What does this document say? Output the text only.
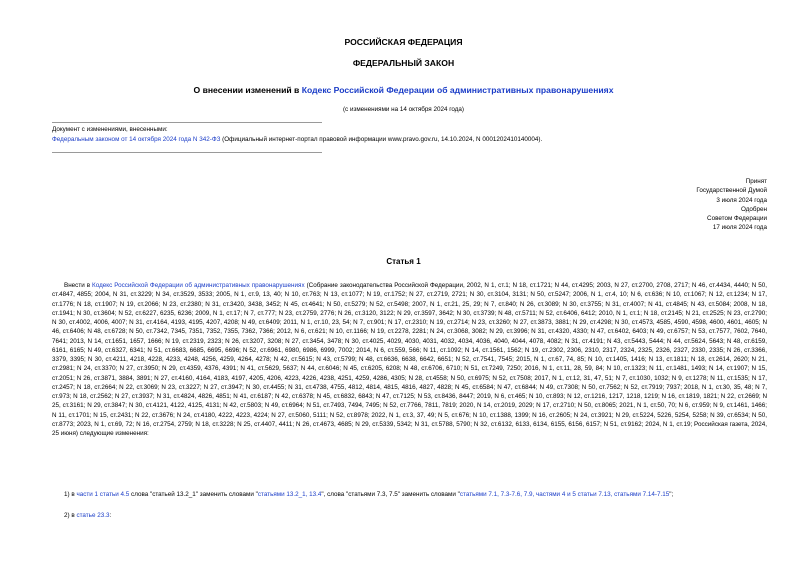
РОССИЙСКАЯ ФЕДЕРАЦИЯ
ФЕДЕРАЛЬНЫЙ ЗАКОН
О внесении изменений в Кодекс Российской Федерации об административных правонарушениях
(с изменениями на 14 октября 2024 года)
Документ с изменениями, внесенными:
Федеральным законом от 14 октября 2024 года N 342-ФЗ (Официальный интернет-портал правовой информации www.pravo.gov.ru, 14.10.2024, N 0001202410140004).
Принят
Государственной Думой
3 июля 2024 года
Одобрен
Советом Федерации
17 июля 2024 года
Статья 1
Внести в Кодекс Российской Федерации об административных правонарушениях (Собрание законодательства Российской Федерации, 2002, N 1, ст.1; N 18, ст.1721; N 44, ст.4295; 2003, N 27, ст.2700, 2708, 2717; N 46, ст.4434, 4440; N 50, ст.4847, 4855; 2004, N 31, ст.3229; N 34, ст.3529, 3533; 2005, N 1, ст.9, 13, 40; N 10, ст.763; N 13, ст.1077; N 19, ст.1752; N 27, ст.2719, 2721; N 30, ст.3104, 3131; N 50, ст.5247; 2006, N 1, ст.4, 10; N 6, ст.636; N 10, ст.1067; N 12, ст.1234; N 17, ст.1776; N 18, ст.1907; N 19, ст.2066; N 23, ст.2380; N 31, ст.3420, 3438, 3452; N 45, ст.4641; N 50, ст.5279; N 52, ст.5498; 2007, N 1, ст.21, 25, 29; N 7, ст.840; N 26, ст.3089; N 30, ст.3755; N 31, ст.4007; N 41, ст.4845; N 43, ст.5084; 2008, N 18, ст.1941; N 30, ст.3604; N 52, ст.6227, 6235, 6236; 2009, N 1, ст.17; N 7, ст.777; N 23, ст.2759, 2776; N 26, ст.3120, 3122; N 29, ст.3597, 3642; N 30, ст.3739; N 48, ст.5711; N 52, ст.6406, 6412; 2010, N 1, ст.1; N 18, ст.2145; N 21, ст.2525; N 23, ст.2790; N 30, ст.4002, 4006, 4007; N 31, ст.4164, 4193, 4195, 4207, 4208; N 49, ст.6409; 2011, N 1, ст.10, 23, 54; N 7, ст.901; N 17, ст.2310; N 19, ст.2714; N 23, ст.3260; N 27, ст.3873, 3881; N 29, ст.4298; N 30, ст.4573, 4585, 4590, 4598, 4600, 4601, 4605; N 46, ст.6406; N 48, ст.6728; N 50, ст.7342, 7345, 7351, 7352, 7355, 7362, 7366; 2012, N 6, ст.621; N 10, ст.1166; N 19, ст.2278, 2281; N 24, ст.3068, 3082; N 29, ст.3996; N 31, ст.4320, 4330; N 47, ст.6402, 6403; N 49, ст.6757; N 53, ст.7577, 7602, 7640, 7641; 2013, N 14, ст.1651, 1657, 1666; N 19, ст.2319, 2323; N 26, ст.3207, 3208; N 27, ст.3454, 3478; N 30, ст.4025, 4029, 4030, 4031, 4032, 4034, 4036, 4040, 4044, 4078, 4082; N 31, ст.4191; N 43, ст.5443, 5444; N 44, ст.5624, 5643; N 48, ст.6159, 6161, 6165; N 49, ст.6327, 6341; N 51, ст.6683, 6685, 6695, 6696; N 52, ст.6961, 6980, 6986, 6999, 7002; 2014, N 6, ст.559, 566; N 11, ст.1092; N 14, ст.1561, 1562; N 19, ст.2302, 2306, 2310, 2317, 2324, 2325, 2326, 2327, 2330, 2335; N 26, ст.3366, 3379, 3395; N 30, ст.4211, 4218, 4228, 4233, 4248, 4256, 4259, 4264, 4278; N 42, ст.5615; N 43, ст.5799; N 48, ст.6636, 6638, 6642, 6651; N 52, ст.7541, 7545; 2015, N 1, ст.67, 74, 85; N 10, ст.1405, 1416; N 13, ст.1811; N 18, ст.2614, 2620; N 21, ст.2981; N 24, ст.3370; N 27, ст.3950; N 29, ст.4359, 4376, 4391; N 41, ст.5629, 5637; N 44, ст.6046; N 45, ст.6205, 6208; N 48, ст.6706, 6710; N 51, ст.7249, 7250; 2016, N 1, ст.11, 28, 59, 84; N 10, ст.1323; N 11, ст.1481, 1493; N 14, ст.1907; N 15, ст.2051; N 26, ст.3871, 3884, 3891; N 27, ст.4160, 4164, 4183, 4197, 4205, 4206, 4223, 4226, 4238, 4251, 4259, 4286, 4305; N 28, ст.4558; N 50, ст.6975; N 52, ст.7508; 2017, N 1, ст.12, 31, 47, 51; N 7, ст.1030, 1032; N 9, ст.1278; N 11, ст.1535; N 17, ст.2457; N 18, ст.2664; N 22, ст.3069; N 23, ст.3227; N 27, ст.3947; N 30, ст.4455; N 31, ст.4738, 4755, 4812, 4814, 4815, 4816, 4827, 4828; N 45, ст.6584; N 47, ст.6844; N 49, ст.7308; N 50, ст.7562; N 52, ст.7919; 7937; 2018, N 1, ст.30, 35, 48; N 7, ст.973; N 18, ст.2562; N 27, ст.3937; N 31, ст.4824, 4826, 4851; N 41, ст.6187; N 42, ст.6378; N 45, ст.6832, 6843; N 47, ст.7125; N 53, ст.8436, 8447; 2019, N 6, ст.465; N 10, ст.893; N 12, ст.1216, 1217, 1218, 1219; N 16, ст.1819, 1821; N 22, ст.2669; N 25, ст.3161; N 29, ст.3847; N 30, ст.4121, 4122, 4125, 4131; N 42, ст.5803; N 49, ст.6964; N 51, ст.7493, 7494, 7495; N 52, ст.7766, 7811, 7819; 2020, N 14, ст.2019, 2029; N 17, ст.2710; N 50, ст.8065; 2021, N 1, ст.50, 70; N 6, ст.959; N 9, ст.1461, 1466; N 11, ст.1701; N 15, ст.2431; N 22, ст.3676; N 24, ст.4180, 4222, 4223, 4224; N 27, ст.5060, 5111; N 52, ст.8978; 2022, N 1, ст.3, 37, 49; N 5, ст.676; N 10, ст.1388, 1399; N 16, ст.2605; N 24, ст.3921; N 29, ст.5224, 5226, 5254, 5258; N 39, ст.6534; N 50, ст.8773; 2023, N 1, ст.69, 72; N 16, ст.2754, 2759; N 18, ст.3228; N 25, ст.4407, 4411; N 26, ст.4673, 4685; N 29, ст.5339, 5342; N 31, ст.5788, 5790; N 32, ст.6132, 6133, 6134, 6155, 6156, 6157; N 51, ст.9162; 2024, N 1, ст.19; Российская газета, 2024, 25 июня) следующие изменения:
1) в части 1 статьи 4.5 слова "статьей 13.2_1" заменить словами "статьями 13.2_1, 13.4", слова "статьями 7.3, 7.5" заменить словами "статьями 7.1, 7.3-7.6, 7.9, частями 4 и 5 статьи 7.13, статьями 7.14-7.15";
2) в статье 23.3:
